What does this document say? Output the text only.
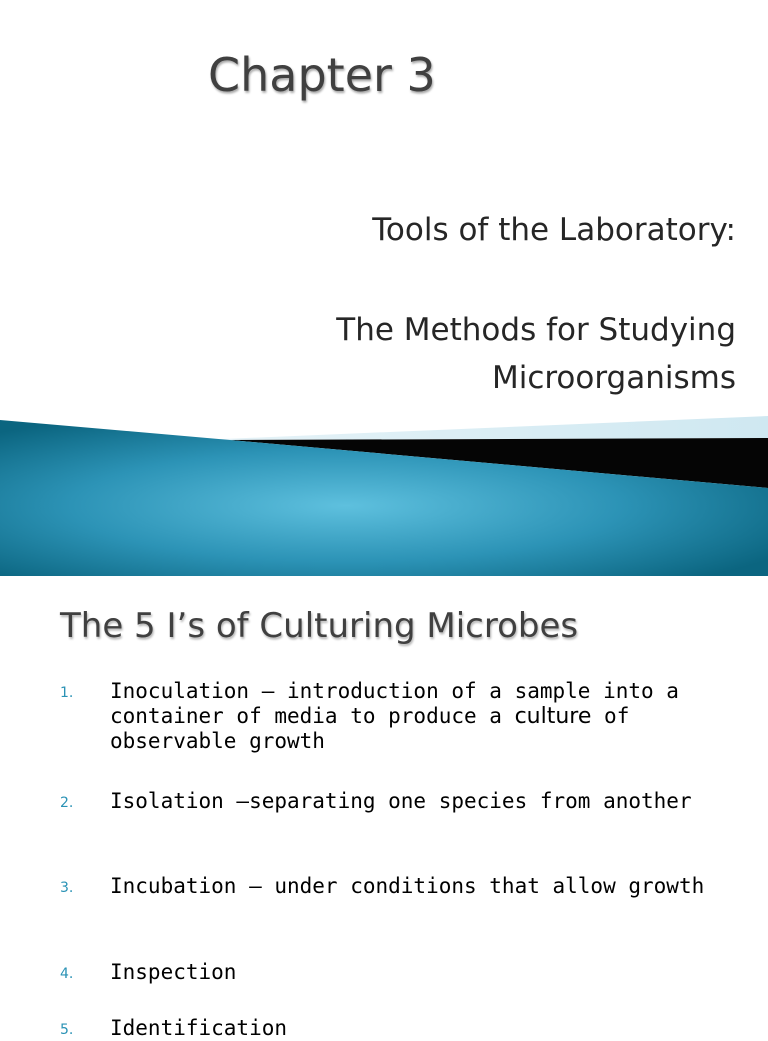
Chapter 3
Tools of the Laboratory:
The Methods for Studying
Microorganisms
The 5 I’s of Culturing Microbes
1. Inoculation – introduction of a sample into a container of media to produce a culture of observable growth
2. Isolation –separating one species from another
3. Incubation – under conditions that allow growth
4. Inspection
5. Identification
